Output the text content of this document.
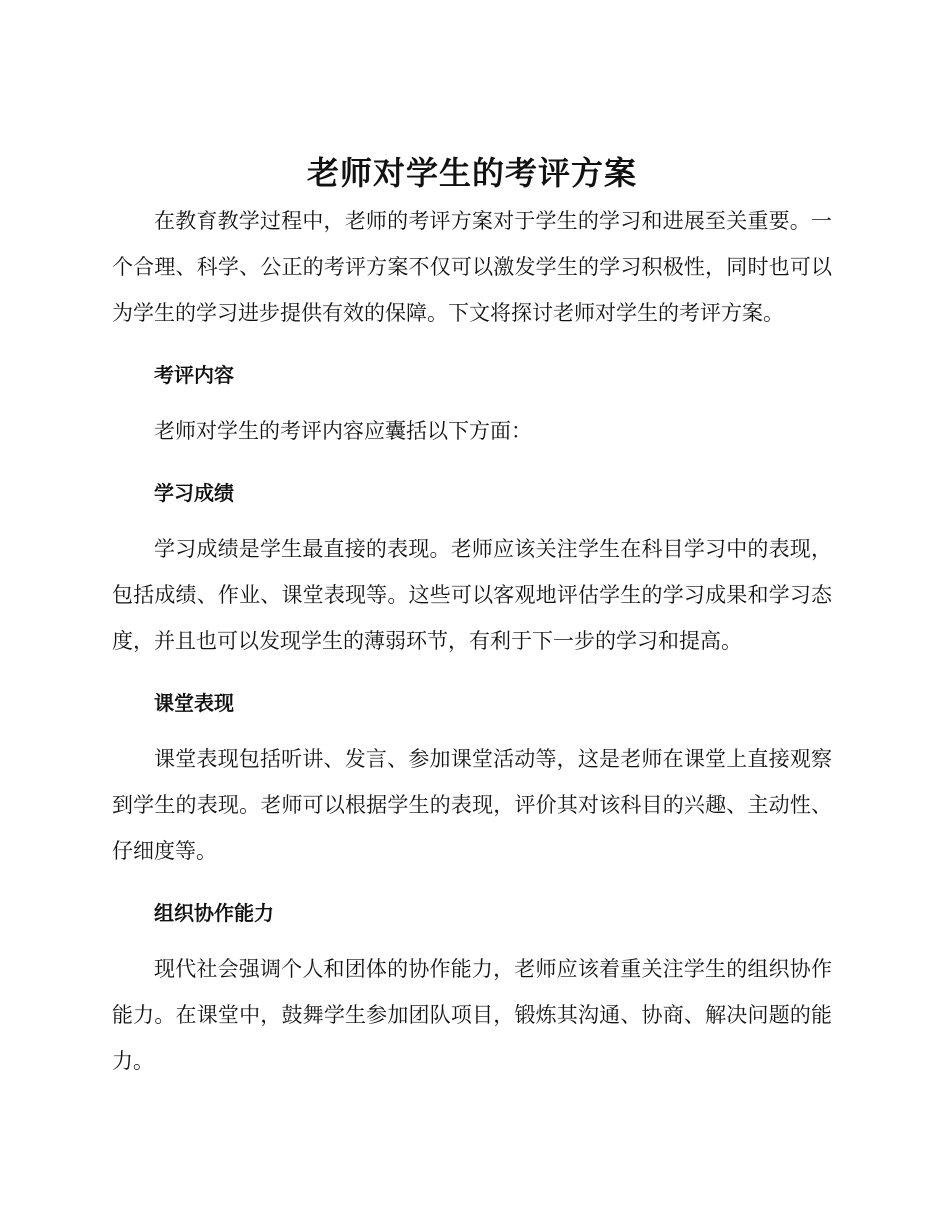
老师对学生的考评方案

在教育教学过程中，老师的考评方案对于学生的学习和进展至关重要。一个合理、科学、公正的考评方案不仅可以激发学生的学习积极性，同时也可以为学生的学习进步提供有效的保障。下文将探讨老师对学生的考评方案。

考评内容

老师对学生的考评内容应囊括以下方面：

学习成绩

学习成绩是学生最直接的表现。老师应该关注学生在科目学习中的表现，包括成绩、作业、课堂表现等。这些可以客观地评估学生的学习成果和学习态度，并且也可以发现学生的薄弱环节，有利于下一步的学习和提高。

课堂表现

课堂表现包括听讲、发言、参加课堂活动等，这是老师在课堂上直接观察到学生的表现。老师可以根据学生的表现，评价其对该科目的兴趣、主动性、仔细度等。

组织协作能力

现代社会强调个人和团体的协作能力，老师应该着重关注学生的组织协作能力。在课堂中，鼓舞学生参加团队项目，锻炼其沟通、协商、解决问题的能力。
